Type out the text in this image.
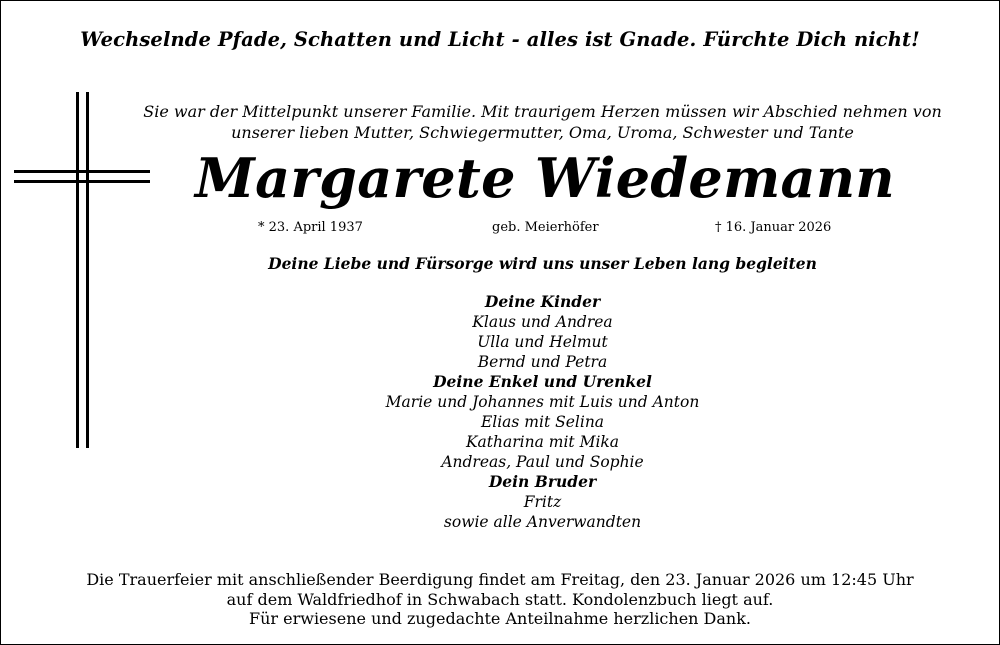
Wechselnde Pfade, Schatten und Licht - alles ist Gnade. Fürchte Dich nicht!
Sie war der Mittelpunkt unserer Familie. Mit traurigem Herzen müssen wir Abschied nehmen von
unserer lieben Mutter, Schwiegermutter, Oma, Uroma, Schwester und Tante
Margarete Wiedemann
* 23. April 1937	geb. Meierhöfer	† 16. Januar 2026
Deine Liebe und Fürsorge wird uns unser Leben lang begleiten
Deine Kinder
Klaus und Andrea
Ulla und Helmut
Bernd und Petra
Deine Enkel und Urenkel
Marie und Johannes mit Luis und Anton
Elias mit Selina
Katharina mit Mika
Andreas, Paul und Sophie
Dein Bruder
Fritz
sowie alle Anverwandten
Die Trauerfeier mit anschließender Beerdigung findet am Freitag, den 23. Januar 2026 um 12:45 Uhr
auf dem Waldfriedhof in Schwabach statt. Kondolenzbuch liegt auf.
Für erwiesene und zugedachte Anteilnahme herzlichen Dank.
